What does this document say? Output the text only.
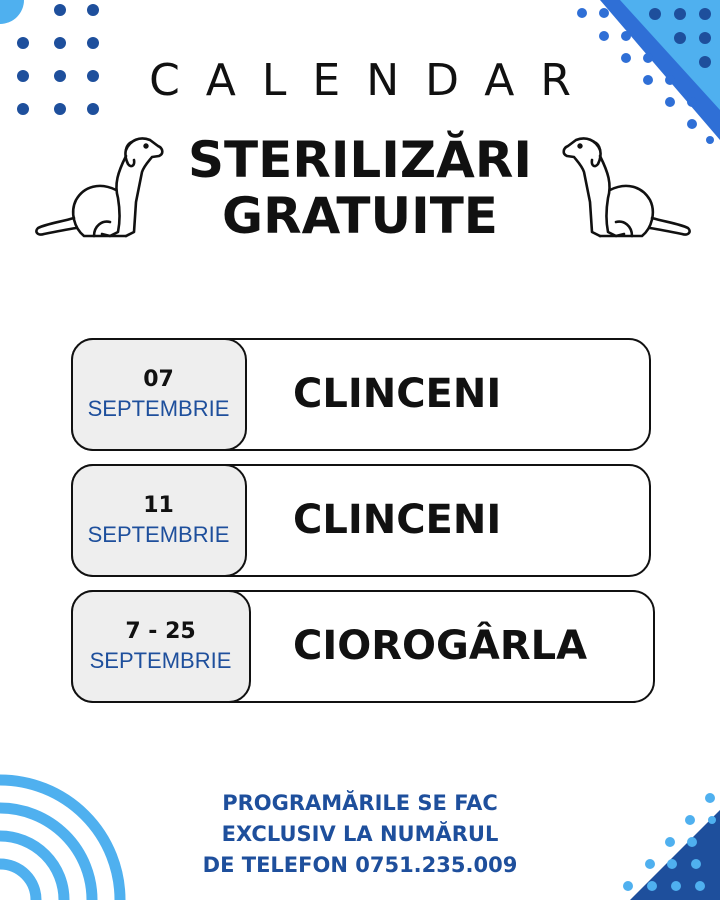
CALENDAR
STERILIZĂRI
GRATUITE
07
SEPTEMBRIE CLINCENI
11
SEPTEMBRIE CLINCENI
7 - 25
SEPTEMBRIE CIOROGÂRLA
PROGRAMĂRILE SE FAC
EXCLUSIV LA NUMĂRUL
DE TELEFON 0751.235.009
